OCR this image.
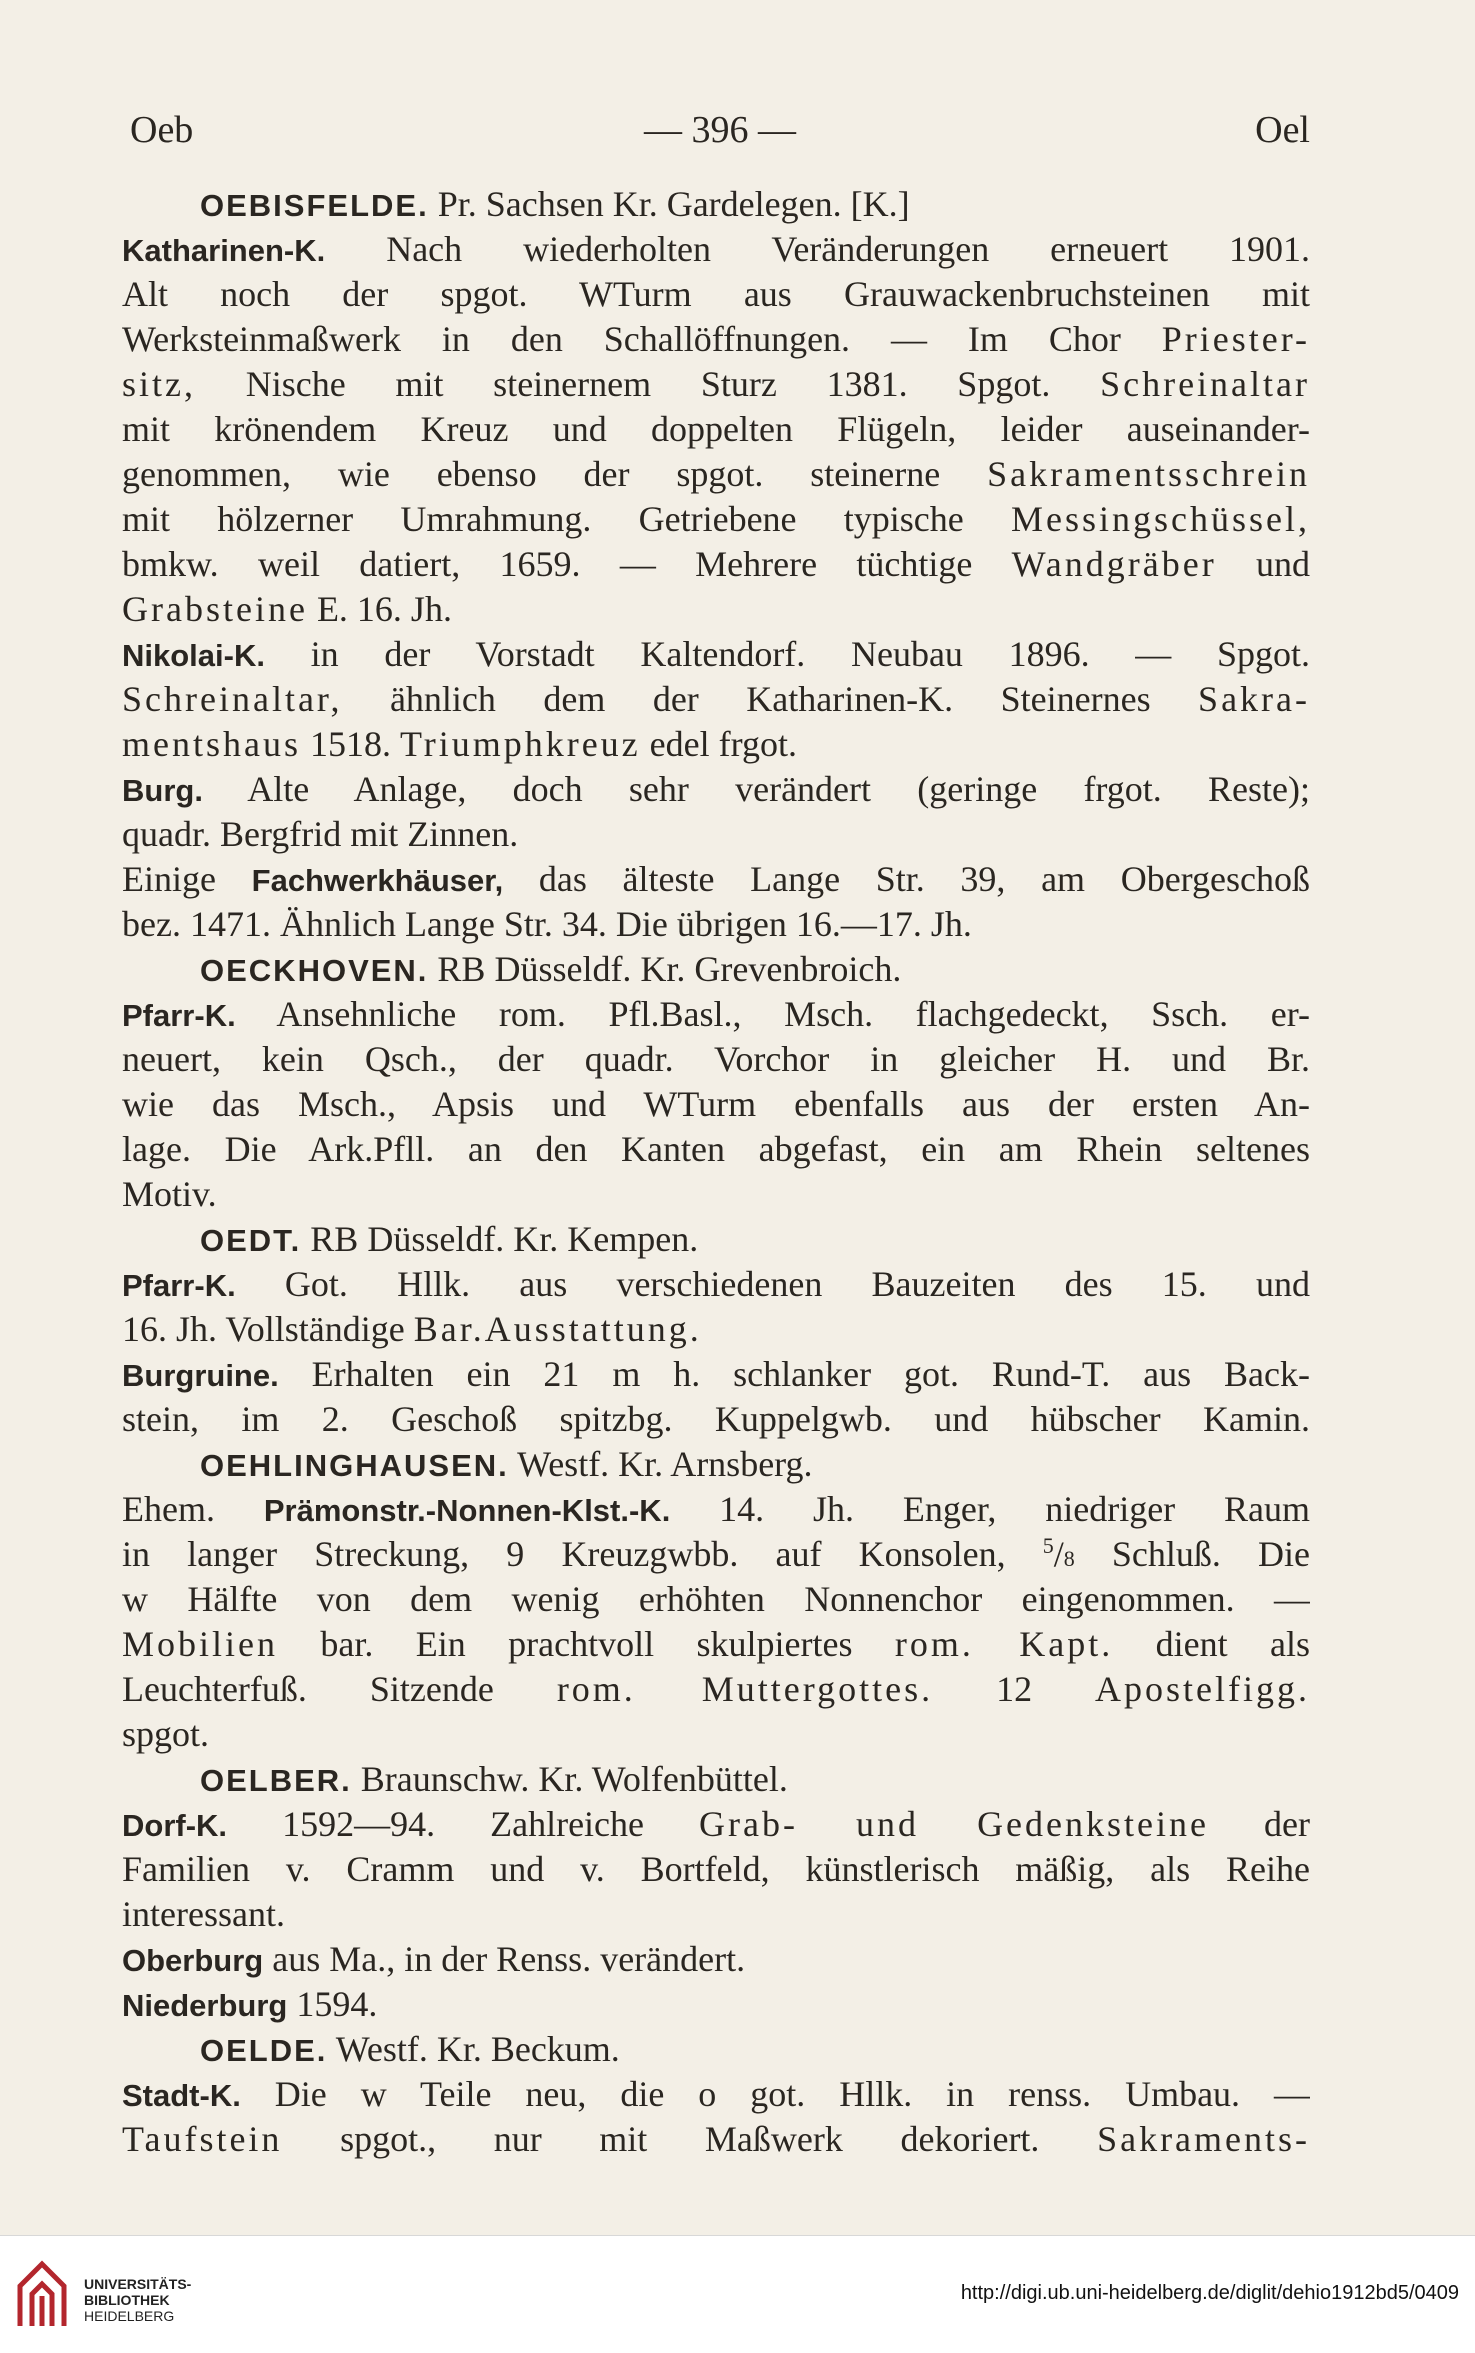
Oeb	— 396 —	Oel
OEBISFELDE. Pr. Sachsen Kr. Gardelegen. [K.]
Katharinen-K. Nach wiederholten Veränderungen erneuert 1901.
Alt noch der spgot. WTurm aus Grauwackenbruchsteinen mit
Werksteinmaßwerk in den Schallöffnungen. — Im Chor Priester-
sitz, Nische mit steinernem Sturz 1381. Spgot. Schreinaltar
mit krönendem Kreuz und doppelten Flügeln, leider auseinander-
genommen, wie ebenso der spgot. steinerne Sakramentsschrein
mit hölzerner Umrahmung. Getriebene typische Messingschüssel,
bmkw. weil datiert, 1659. — Mehrere tüchtige Wandgräber und
Grabsteine E. 16. Jh.
Nikolai-K. in der Vorstadt Kaltendorf. Neubau 1896. — Spgot.
Schreinaltar, ähnlich dem der Katharinen-K. Steinernes Sakra-
mentshaus 1518. Triumphkreuz edel frgot.
Burg. Alte Anlage, doch sehr verändert (geringe frgot. Reste);
quadr. Bergfrid mit Zinnen.
Einige Fachwerkhäuser, das älteste Lange Str. 39, am Obergeschoß
bez. 1471. Ähnlich Lange Str. 34. Die übrigen 16.—17. Jh.
OECKHOVEN. RB Düsseldf. Kr. Grevenbroich.
Pfarr-K. Ansehnliche rom. Pfl.Basl., Msch. flachgedeckt, Ssch. er-
neuert, kein Qsch., der quadr. Vorchor in gleicher H. und Br.
wie das Msch., Apsis und WTurm ebenfalls aus der ersten An-
lage. Die Ark.Pfll. an den Kanten abgefast, ein am Rhein seltenes
Motiv.
OEDT. RB Düsseldf. Kr. Kempen.
Pfarr-K. Got. Hllk. aus verschiedenen Bauzeiten des 15. und
16. Jh. Vollständige Bar.Ausstattung.
Burgruine. Erhalten ein 21 m h. schlanker got. Rund-T. aus Back-
stein, im 2. Geschoß spitzbg. Kuppelgwb. und hübscher Kamin.
OEHLINGHAUSEN. Westf. Kr. Arnsberg.
Ehem. Prämonstr.-Nonnen-Klst.-K. 14. Jh. Enger, niedriger Raum
in langer Streckung, 9 Kreuzgwbb. auf Konsolen, $^5$/8 Schluß. Die
w Hälfte von dem wenig erhöhten Nonnenchor eingenommen. —
Mobilien bar. Ein prachtvoll skulpiertes rom. Kapt. dient als
Leuchterfuß. Sitzende rom. Muttergottes. 12 Apostelfigg.
spgot.
OELBER. Braunschw. Kr. Wolfenbüttel.
Dorf-K. 1592—94. Zahlreiche Grab- und Gedenksteine der
Familien v. Cramm und v. Bortfeld, künstlerisch mäßig, als Reihe
interessant.
Oberburg aus Ma., in der Renss. verändert.
Niederburg 1594.
OELDE. Westf. Kr. Beckum.
Stadt-K. Die w Teile neu, die o got. Hllk. in renss. Umbau. —
Taufstein spgot., nur mit Maßwerk dekoriert. Sakraments-
UNIVERSITÄTS-
BIBLIOTHEK
HEIDELBERG
http://digi.ub.uni-heidelberg.de/diglit/dehio1912bd5/0409
